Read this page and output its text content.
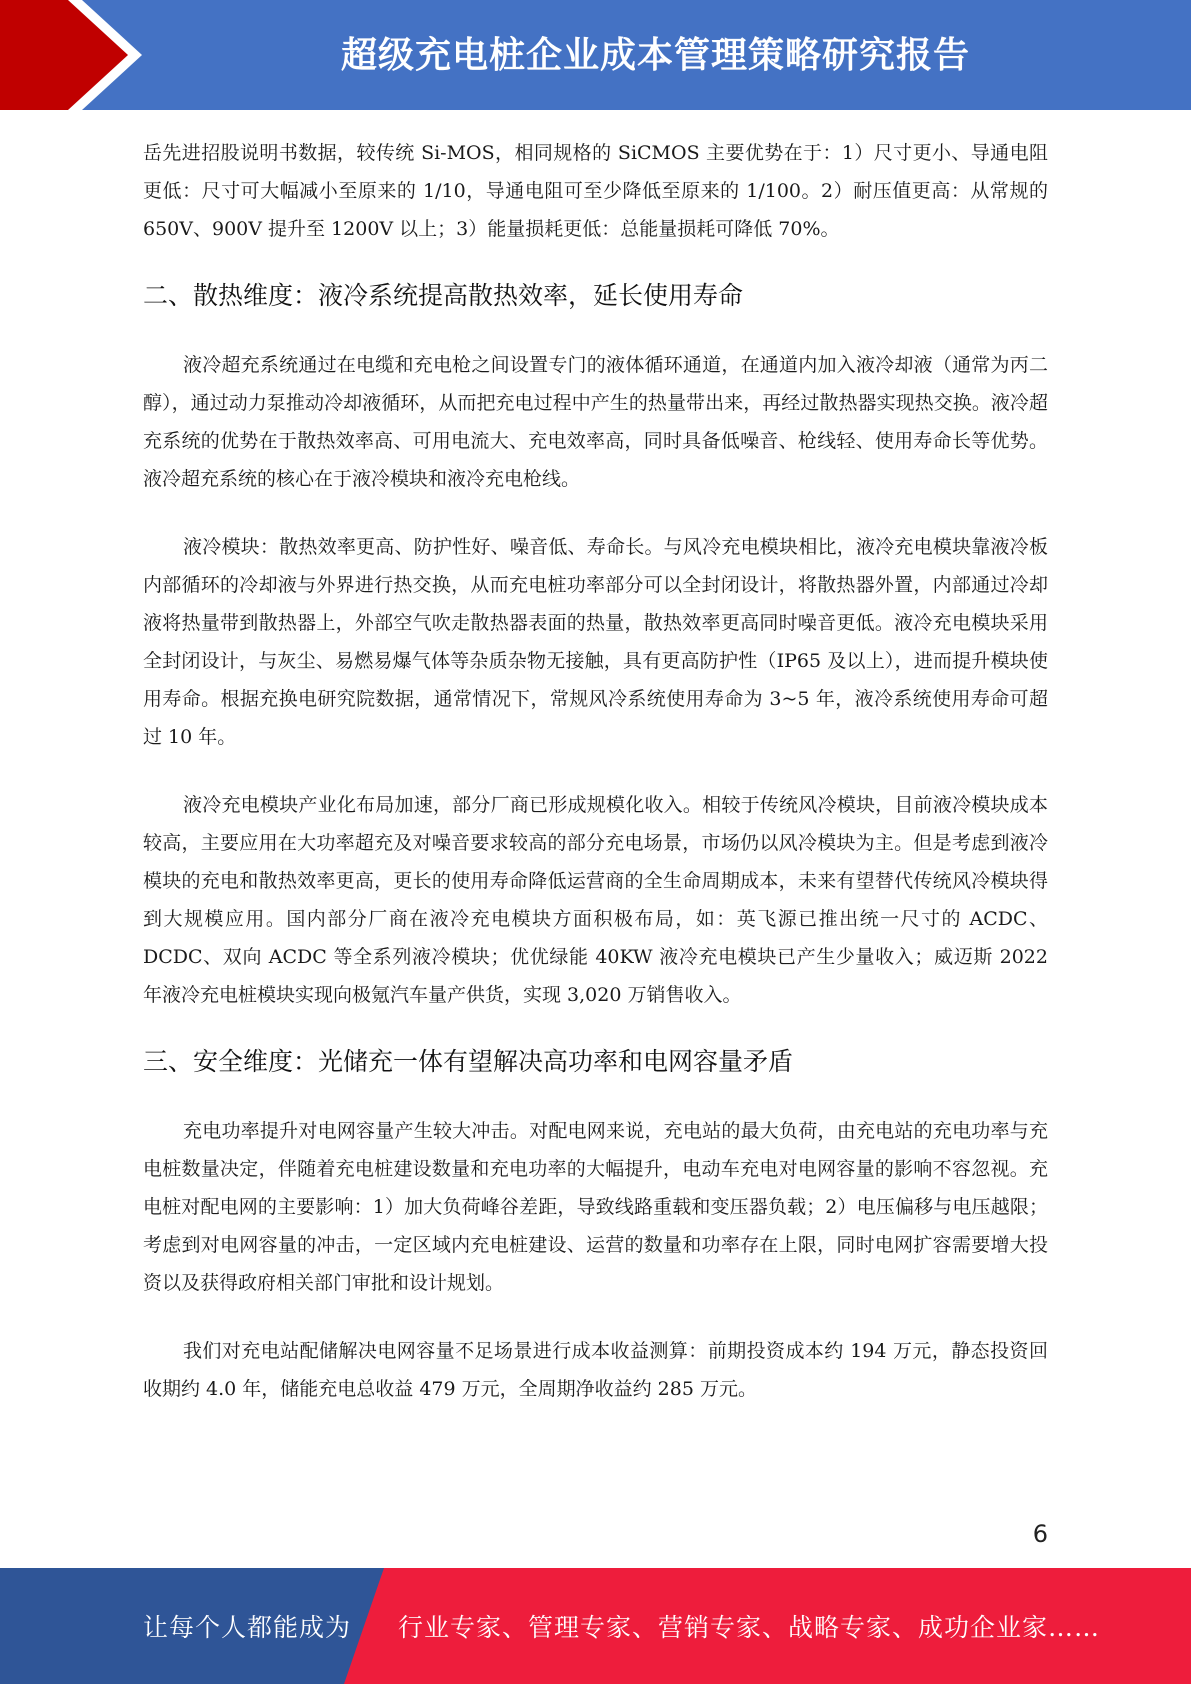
超级充电桩企业成本管理策略研究报告

岳先进招股说明书数据，较传统 Si-MOS，相同规格的 SiCMOS 主要优势在于：1）尺寸更小、导通电阻更低：尺寸可大幅减小至原来的 1/10，导通电阻可至少降低至原来的 1/100。2）耐压值更高：从常规的 650V、900V 提升至 1200V 以上；3）能量损耗更低：总能量损耗可降低 70%。

二、散热维度：液冷系统提高散热效率，延长使用寿命

液冷超充系统通过在电缆和充电枪之间设置专门的液体循环通道，在通道内加入液冷却液（通常为丙二醇），通过动力泵推动冷却液循环，从而把充电过程中产生的热量带出来，再经过散热器实现热交换。液冷超充系统的优势在于散热效率高、可用电流大、充电效率高，同时具备低噪音、枪线轻、使用寿命长等优势。液冷超充系统的核心在于液冷模块和液冷充电枪线。

液冷模块：散热效率更高、防护性好、噪音低、寿命长。与风冷充电模块相比，液冷充电模块靠液冷板内部循环的冷却液与外界进行热交换，从而充电桩功率部分可以全封闭设计，将散热器外置，内部通过冷却液将热量带到散热器上，外部空气吹走散热器表面的热量，散热效率更高同时噪音更低。液冷充电模块采用全封闭设计，与灰尘、易燃易爆气体等杂质杂物无接触，具有更高防护性（IP65 及以上），进而提升模块使用寿命。根据充换电研究院数据，通常情况下，常规风冷系统使用寿命为 3~5 年，液冷系统使用寿命可超过 10 年。

液冷充电模块产业化布局加速，部分厂商已形成规模化收入。相较于传统风冷模块，目前液冷模块成本较高，主要应用在大功率超充及对噪音要求较高的部分充电场景，市场仍以风冷模块为主。但是考虑到液冷模块的充电和散热效率更高，更长的使用寿命降低运营商的全生命周期成本，未来有望替代传统风冷模块得到大规模应用。国内部分厂商在液冷充电模块方面积极布局，如：英飞源已推出统一尺寸的 ACDC、DCDC、双向 ACDC 等全系列液冷模块；优优绿能 40KW 液冷充电模块已产生少量收入；威迈斯 2022 年液冷充电桩模块实现向极氪汽车量产供货，实现 3,020 万销售收入。

三、安全维度：光储充一体有望解决高功率和电网容量矛盾

充电功率提升对电网容量产生较大冲击。对配电网来说，充电站的最大负荷，由充电站的充电功率与充电桩数量决定，伴随着充电桩建设数量和充电功率的大幅提升，电动车充电对电网容量的影响不容忽视。充电桩对配电网的主要影响：1）加大负荷峰谷差距，导致线路重载和变压器负载；2）电压偏移与电压越限；考虑到对电网容量的冲击，一定区域内充电桩建设、运营的数量和功率存在上限，同时电网扩容需要增大投资以及获得政府相关部门审批和设计规划。

我们对充电站配储解决电网容量不足场景进行成本收益测算：前期投资成本约 194 万元，静态投资回收期约 4.0 年，储能充电总收益 479 万元，全周期净收益约 285 万元。

6
让每个人都能成为 行业专家、管理专家、营销专家、战略专家、成功企业家……
